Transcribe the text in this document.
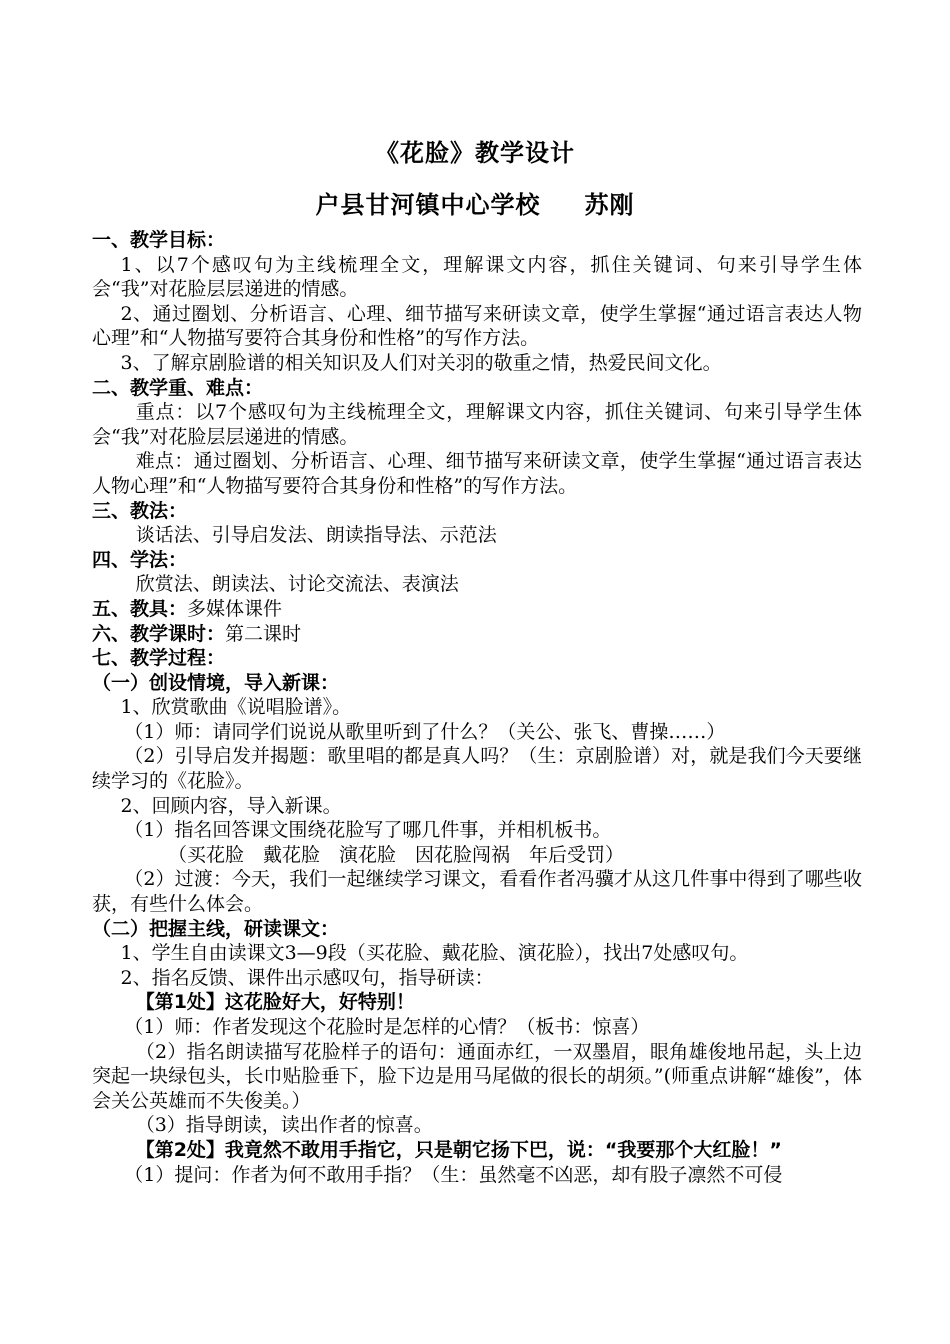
《花脸》教学设计
户县甘河镇中心学校 苏刚

一、教学目标：

1、以7个感叹句为主线梳理全文，理解课文内容，抓住关键词、句来引导学生体会“我”对花脸层层递进的情感。

2、通过圈划、分析语言、心理、细节描写来研读文章，使学生掌握“通过语言表达人物心理”和“人物描写要符合其身份和性格”的写作方法。

3、了解京剧脸谱的相关知识及人们对关羽的敬重之情，热爱民间文化。

二、教学重、难点：

重点：以7个感叹句为主线梳理全文，理解课文内容，抓住关键词、句来引导学生体会“我”对花脸层层递进的情感。

难点：通过圈划、分析语言、心理、细节描写来研读文章，使学生掌握“通过语言表达人物心理”和“人物描写要符合其身份和性格”的写作方法。

三、教法：

谈话法、引导启发法、朗读指导法、示范法

四、学法：

欣赏法、朗读法、讨论交流法、表演法

五、教具：多媒体课件

六、教学课时：第二课时

七、教学过程：

（一）创设情境，导入新课：

1、欣赏歌曲《说唱脸谱》。

（1）师：请同学们说说从歌里听到了什么？（关公、张飞、曹操……）

（2）引导启发并揭题：歌里唱的都是真人吗？（生：京剧脸谱）对，就是我们今天要继续学习的《花脸》。

2、回顾内容，导入新课。

（1）指名回答课文围绕花脸写了哪几件事，并相机板书。

（买花脸　戴花脸　演花脸　因花脸闯祸　年后受罚）

（2）过渡：今天，我们一起继续学习课文，看看作者冯骥才从这几件事中得到了哪些收获，有些什么体会。

（二）把握主线，研读课文：

1、学生自由读课文3—9段（买花脸、戴花脸、演花脸），找出7处感叹句。

2、指名反馈、课件出示感叹句，指导研读：

【第1处】这花脸好大，好特别！

（1）师：作者发现这个花脸时是怎样的心情？（板书：惊喜）

（2）指名朗读描写花脸样子的语句：通面赤红，一双墨眉，眼角雄俊地吊起，头上边突起一块绿包头，长巾贴脸垂下，脸下边是用马尾做的很长的胡须。”(师重点讲解“雄俊”，体会关公英雄而不失俊美。）

（3）指导朗读，读出作者的惊喜。

【第2处】我竟然不敢用手指它，只是朝它扬下巴，说：“我要那个大红脸！”

（1）提问：作者为何不敢用手指？（生：虽然毫不凶恶，却有股子凛然不可侵
